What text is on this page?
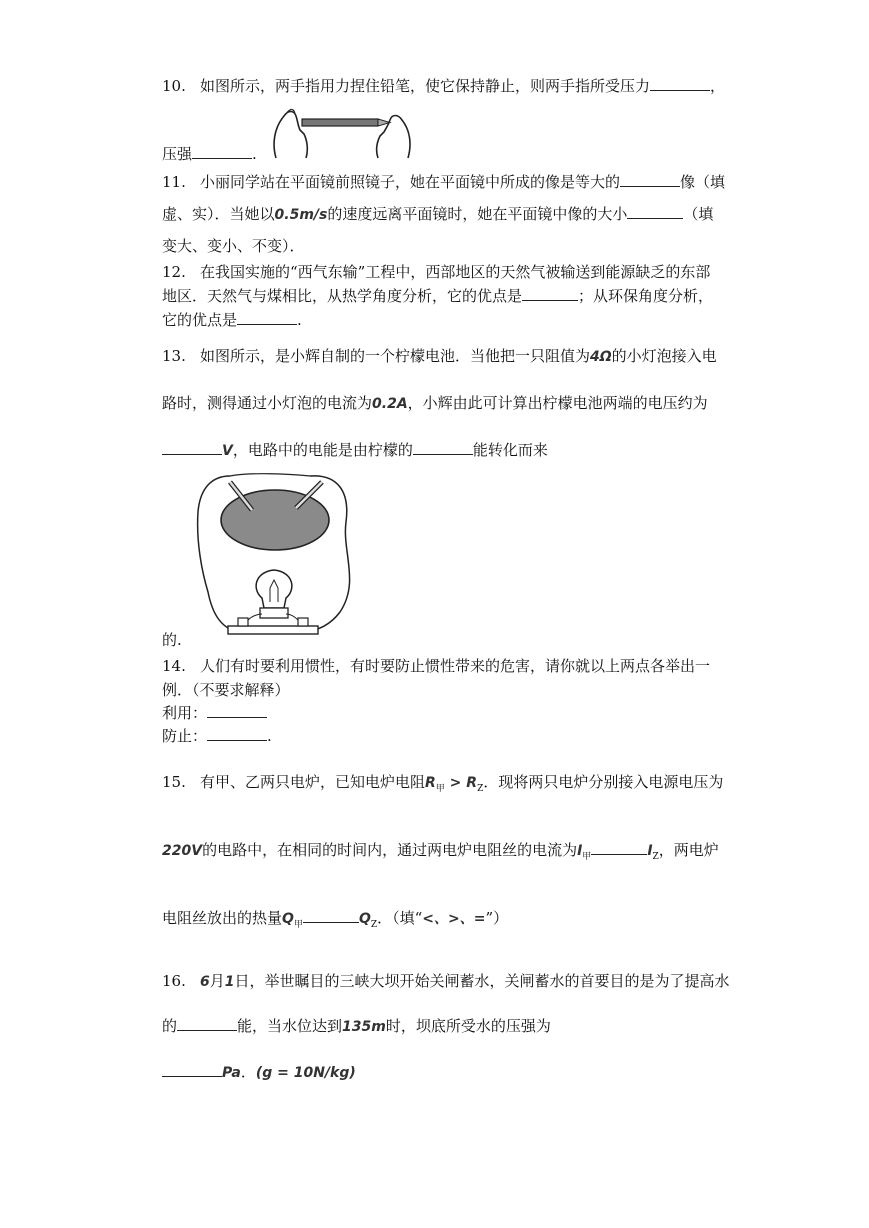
10. 如图所示，两手指用力捏住铅笔，使它保持静止，则两手指所受压力	，
压强	.
11. 小丽同学站在平面镜前照镜子，她在平面镜中所成的像是等大的	像（填
虚、实）．当她以0.5m/s的速度远离平面镜时，她在平面镜中像的大小	（填
变大、变小、不变）．
12. 在我国实施的“西气东输”工程中，西部地区的天然气被输送到能源缺乏的东部
地区．天然气与煤相比，从热学角度分析，它的优点是	；从环保角度分析，
它的优点是	.
13. 如图所示，是小辉自制的一个柠檬电池．当他把一只阻值为4Ω的小灯泡接入电
路时，测得通过小灯泡的电流为0.2A，小辉由此可计算出柠檬电池两端的电压约为
V，电路中的电能是由柠檬的	能转化而来
的.
14. 人们有时要利用惯性，有时要防止惯性带来的危害，请你就以上两点各举出一
例．（不要求解释）
利用：
防止：	.
15. 有甲、乙两只电炉，已知电炉电阻$R_甲 > R_Z$．现将两只电炉分别接入电源电压为
220V的电路中，在相同的时间内，通过两电炉电阻丝的电流为$I_甲$	$I_Z$，两电炉
电阻丝放出的热量$Q_甲$	$Q_Z$．（填“<、>、=”）
16. 6月1日，举世瞩目的三峡大坝开始关闸蓄水，关闸蓄水的首要目的是为了提高水
的	能，当水位达到135m时，坝底所受水的压强为
Pa．(g = 10N/kg)
